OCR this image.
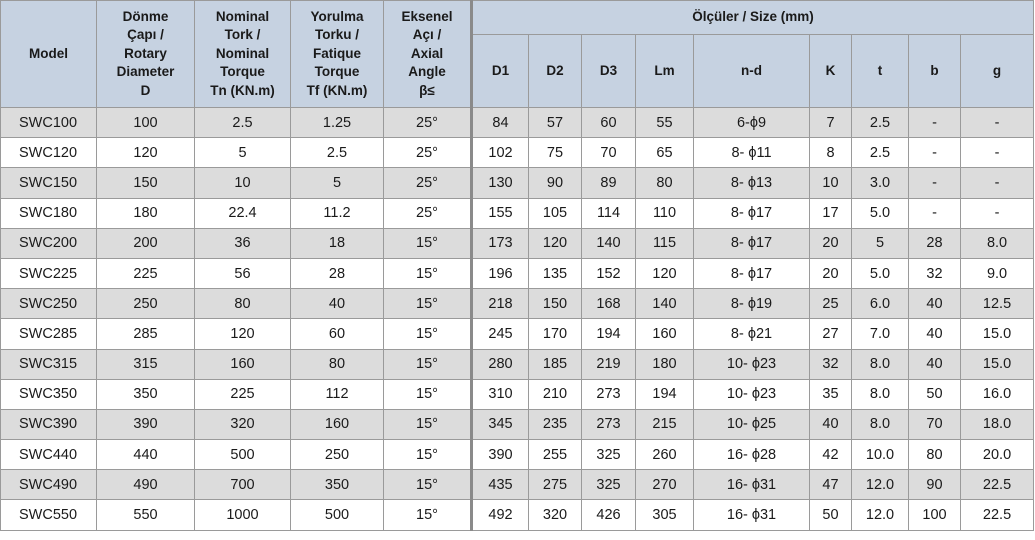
Model	Dönme
Çapı /
Rotary
Diameter
D	Nominal
Tork /
Nominal
Torque
Tn (KN.m)	Yorulma
Torku /
Fatique
Torque
Tf (KN.m)	Eksenel
Açı /
Axial
Angle
β≤	Ölçüler / Size (mm)								
					D1	D2	D3	Lm	n-d	K	t	b	g
SWC100	100	2.5	1.25	25°	84	57	60	55	6-ϕ9	7	2.5	-	-
SWC120	120	5	2.5	25°	102	75	70	65	8- ϕ11	8	2.5	-	-
SWC150	150	10	5	25°	130	90	89	80	8- ϕ13	10	3.0	-	-
SWC180	180	22.4	11.2	25°	155	105	114	110	8- ϕ17	17	5.0	-	-
SWC200	200	36	18	15°	173	120	140	115	8- ϕ17	20	5	28	8.0
SWC225	225	56	28	15°	196	135	152	120	8- ϕ17	20	5.0	32	9.0
SWC250	250	80	40	15°	218	150	168	140	8- ϕ19	25	6.0	40	12.5
SWC285	285	120	60	15°	245	170	194	160	8- ϕ21	27	7.0	40	15.0
SWC315	315	160	80	15°	280	185	219	180	10- ϕ23	32	8.0	40	15.0
SWC350	350	225	112	15°	310	210	273	194	10- ϕ23	35	8.0	50	16.0
SWC390	390	320	160	15°	345	235	273	215	10- ϕ25	40	8.0	70	18.0
SWC440	440	500	250	15°	390	255	325	260	16- ϕ28	42	10.0	80	20.0
SWC490	490	700	350	15°	435	275	325	270	16- ϕ31	47	12.0	90	22.5
SWC550	550	1000	500	15°	492	320	426	305	16- ϕ31	50	12.0	100	22.5
